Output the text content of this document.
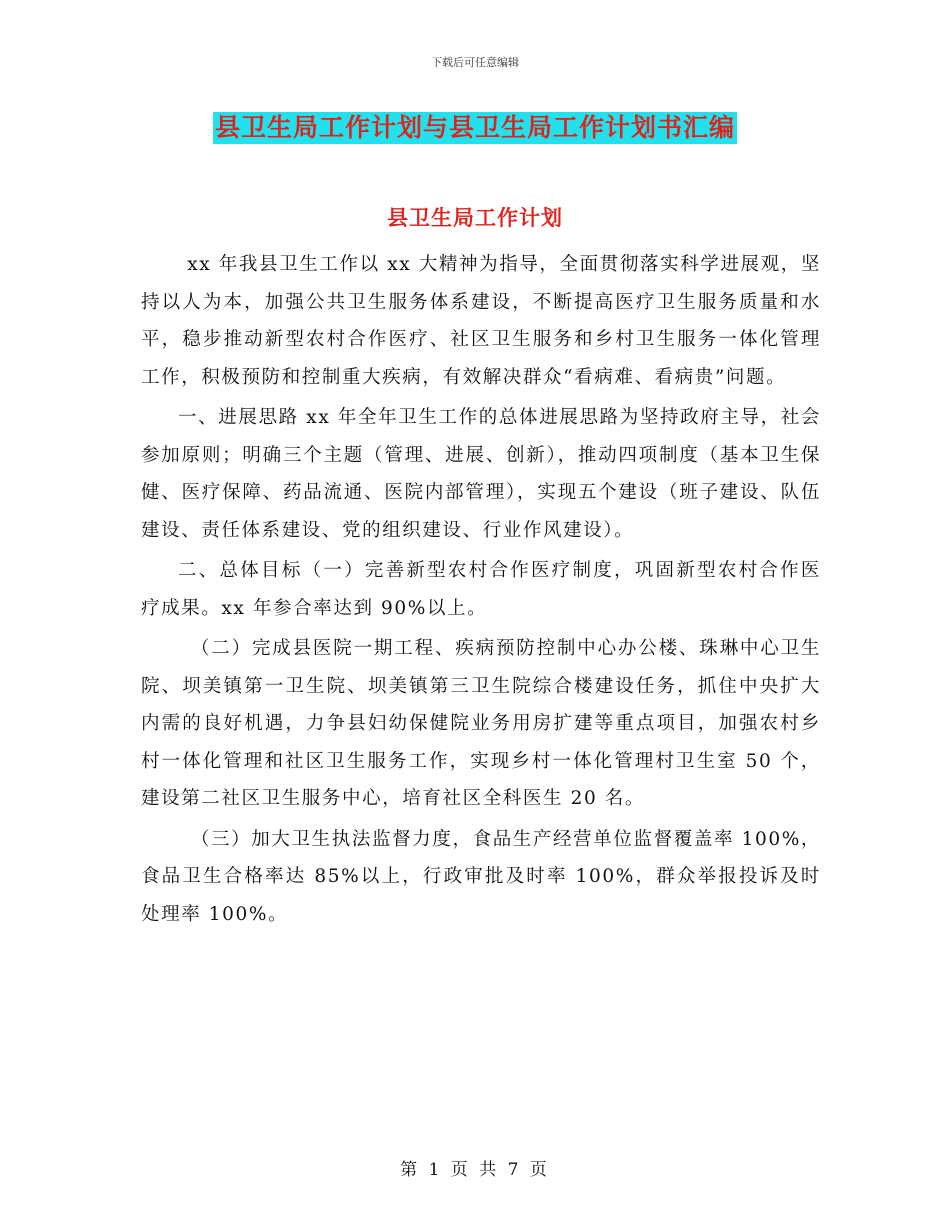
下载后可任意编辑
县卫生局工作计划与县卫生局工作计划书汇编
县卫生局工作计划

xx 年我县卫生工作以 xx 大精神为指导，全面贯彻落实科学进展观，坚持以人为本，加强公共卫生服务体系建设，不断提高医疗卫生服务质量和水平，稳步推动新型农村合作医疗、社区卫生服务和乡村卫生服务一体化管理工作，积极预防和控制重大疾病，有效解决群众“看病难、看病贵”问题。

一、进展思路 xx 年全年卫生工作的总体进展思路为坚持政府主导，社会参加原则；明确三个主题（管理、进展、创新），推动四项制度（基本卫生保健、医疗保障、药品流通、医院内部管理），实现五个建设（班子建设、队伍建设、责任体系建设、党的组织建设、行业作风建设）。

二、总体目标（一）完善新型农村合作医疗制度，巩固新型农村合作医疗成果。xx 年参合率达到 90%以上。

（二）完成县医院一期工程、疾病预防控制中心办公楼、珠琳中心卫生院、坝美镇第一卫生院、坝美镇第三卫生院综合楼建设任务，抓住中央扩大内需的良好机遇，力争县妇幼保健院业务用房扩建等重点项目，加强农村乡村一体化管理和社区卫生服务工作，实现乡村一体化管理村卫生室 50 个，建设第二社区卫生服务中心，培育社区全科医生 20 名。

（三）加大卫生执法监督力度，食品生产经营单位监督覆盖率 100%，食品卫生合格率达 85%以上，行政审批及时率 100%，群众举报投诉及时处理率 100%。

第 1 页 共 7 页
